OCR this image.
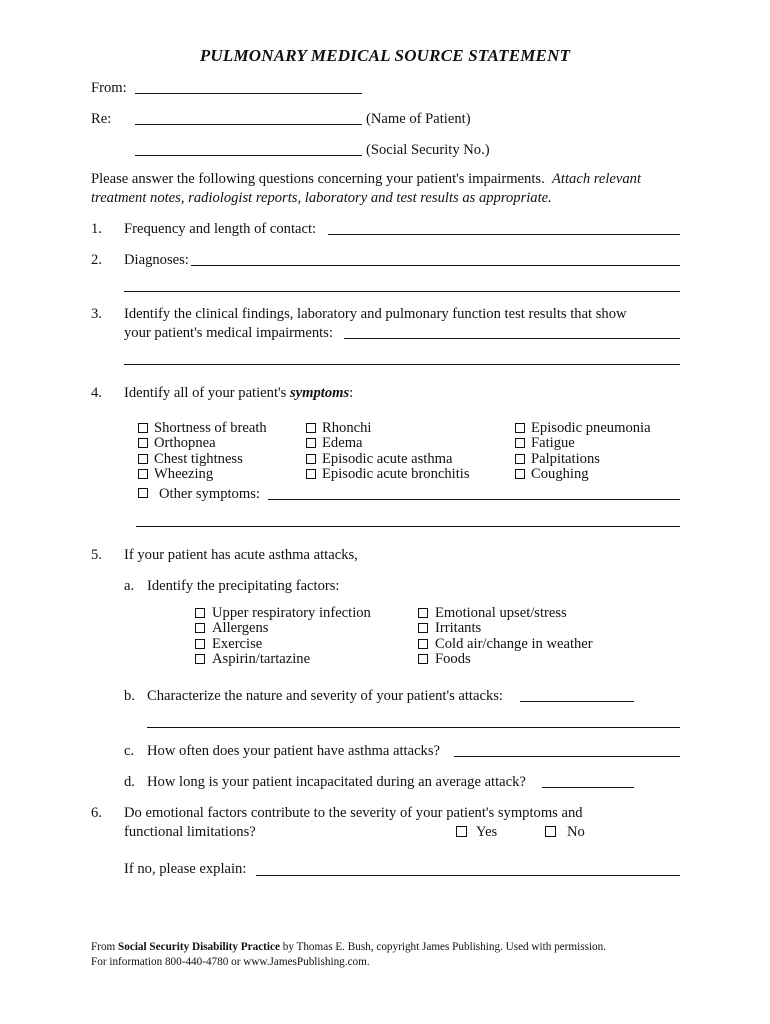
PULMONARY MEDICAL SOURCE STATEMENT
From:
Re:	(Name of Patient)
(Social Security No.)
Please answer the following questions concerning your patient's impairments. Attach relevant treatment notes, radiologist reports, laboratory and test results as appropriate.
1. Frequency and length of contact:
2. Diagnoses:
3. Identify the clinical findings, laboratory and pulmonary function test results that show
your patient's medical impairments:
4. Identify all of your patient's symptoms:
Shortness of breath
Orthopnea
Chest tightness
Wheezing
Rhonchi
Edema
Episodic acute asthma
Episodic acute bronchitis
Episodic pneumonia
Fatigue
Palpitations
Coughing
Other symptoms:
5. If your patient has acute asthma attacks,
a. Identify the precipitating factors:
Upper respiratory infection
Allergens
Exercise
Aspirin/tartazine
Emotional upset/stress
Irritants
Cold air/change in weather
Foods
b. Characterize the nature and severity of your patient's attacks:
c. How often does your patient have asthma attacks?
d. How long is your patient incapacitated during an average attack?
6. Do emotional factors contribute to the severity of your patient's symptoms and
functional limitations?	Yes	No
If no, please explain:
From Social Security Disability Practice by Thomas E. Bush, copyright James Publishing. Used with permission.
For information 800-440-4780 or www.JamesPublishing.com.
